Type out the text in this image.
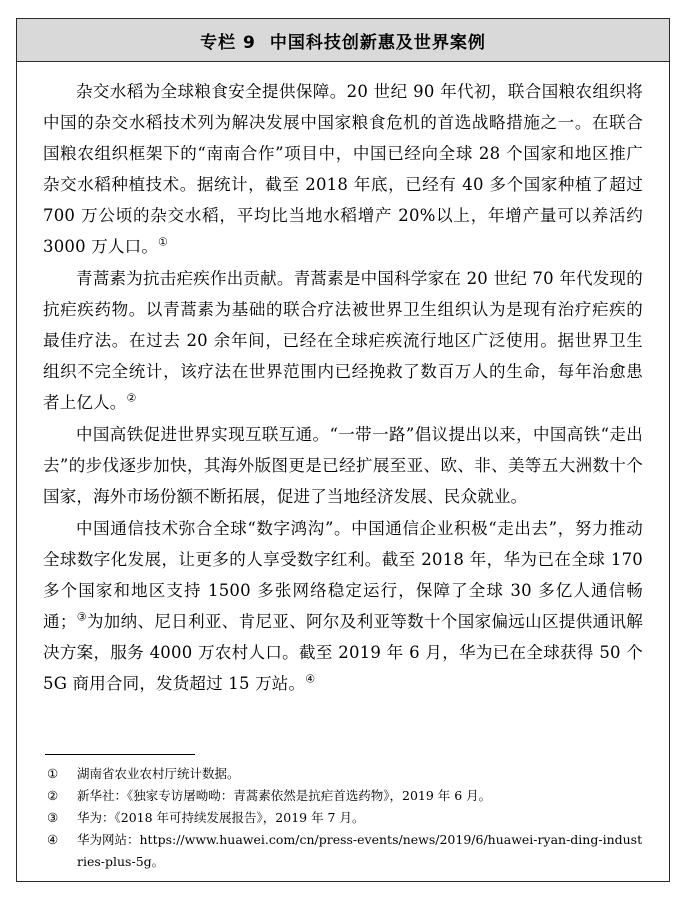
专栏 9 中国科技创新惠及世界案例

杂交水稻为全球粮食安全提供保障。20 世纪 90 年代初，联合国粮农组织将中国的杂交水稻技术列为解决发展中国家粮食危机的首选战略措施之一。在联合国粮农组织框架下的“南南合作”项目中，中国已经向全球 28 个国家和地区推广杂交水稻种植技术。据统计，截至 2018 年底，已经有 40 多个国家种植了超过 700 万公顷的杂交水稻，平均比当地水稻增产 20%以上，年增产量可以养活约 3000 万人口。①

青蒿素为抗击疟疾作出贡献。青蒿素是中国科学家在 20 世纪 70 年代发现的抗疟疾药物。以青蒿素为基础的联合疗法被世界卫生组织认为是现有治疗疟疾的最佳疗法。在过去 20 余年间，已经在全球疟疾流行地区广泛使用。据世界卫生组织不完全统计，该疗法在世界范围内已经挽救了数百万人的生命，每年治愈患者上亿人。②

中国高铁促进世界实现互联互通。“一带一路”倡议提出以来，中国高铁“走出去”的步伐逐步加快，其海外版图更是已经扩展至亚、欧、非、美等五大洲数十个国家，海外市场份额不断拓展，促进了当地经济发展、民众就业。

中国通信技术弥合全球“数字鸿沟”。中国通信企业积极“走出去”，努力推动全球数字化发展，让更多的人享受数字红利。截至 2018 年，华为已在全球 170 多个国家和地区支持 1500 多张网络稳定运行，保障了全球 30 多亿人通信畅通；③为加纳、尼日利亚、肯尼亚、阿尔及利亚等数十个国家偏远山区提供通讯解决方案，服务 4000 万农村人口。截至 2019 年 6 月，华为已在全球获得 50 个 5G 商用合同，发货超过 15 万站。④

①	湖南省农业农村厅统计数据。
②	新华社：《独家专访屠呦呦：青蒿素依然是抗疟首选药物》，2019 年 6 月。
③	华为：《2018 年可持续发展报告》，2019 年 7 月。
④	华为网站：https://www.huawei.com/cn/press-events/news/2019/6/huawei-ryan-ding-industries-plus-5g。
